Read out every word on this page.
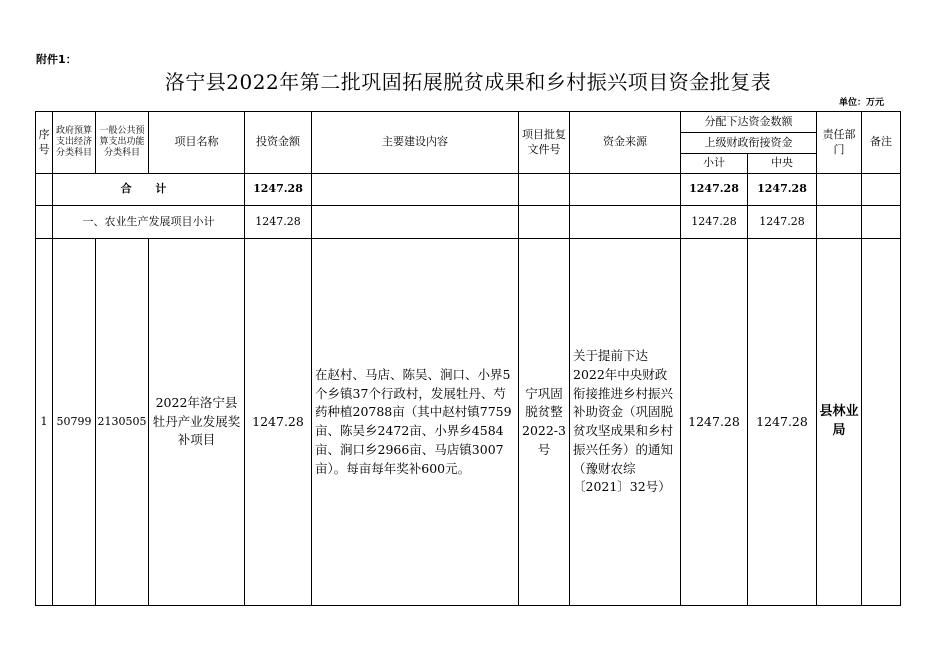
附件1：
洛宁县2022年第二批巩固拓展脱贫成果和乡村振兴项目资金批复表
单位：万元
序号	政府预算支出经济分类科目	一般公共预算支出功能分类科目	项目名称	投资金额	主要建设内容	项目批复文件号	资金来源	分配下达资金数额		责任部门	备注
								上级财政衔接资金			
								小计	中央		
	合 计			1247.28				1247.28	1247.28		
	一、农业生产发展项目小计			1247.28				1247.28	1247.28		
1	50799	2130505	2022年洛宁县牡丹产业发展奖补项目	1247.28	在赵村、马店、陈吴、涧口、小界5个乡镇37个行政村，发展牡丹、芍药种植20788亩（其中赵村镇7759亩、陈吴乡2472亩、小界乡4584亩、涧口乡2966亩、马店镇3007亩）。每亩每年奖补600元。	宁巩固脱贫整2022-3号	关于提前下达2022年中央财政衔接推进乡村振兴补助资金（巩固脱贫攻坚成果和乡村振兴任务）的通知（豫财农综〔2021〕32号）	1247.28	1247.28	县林业局	
